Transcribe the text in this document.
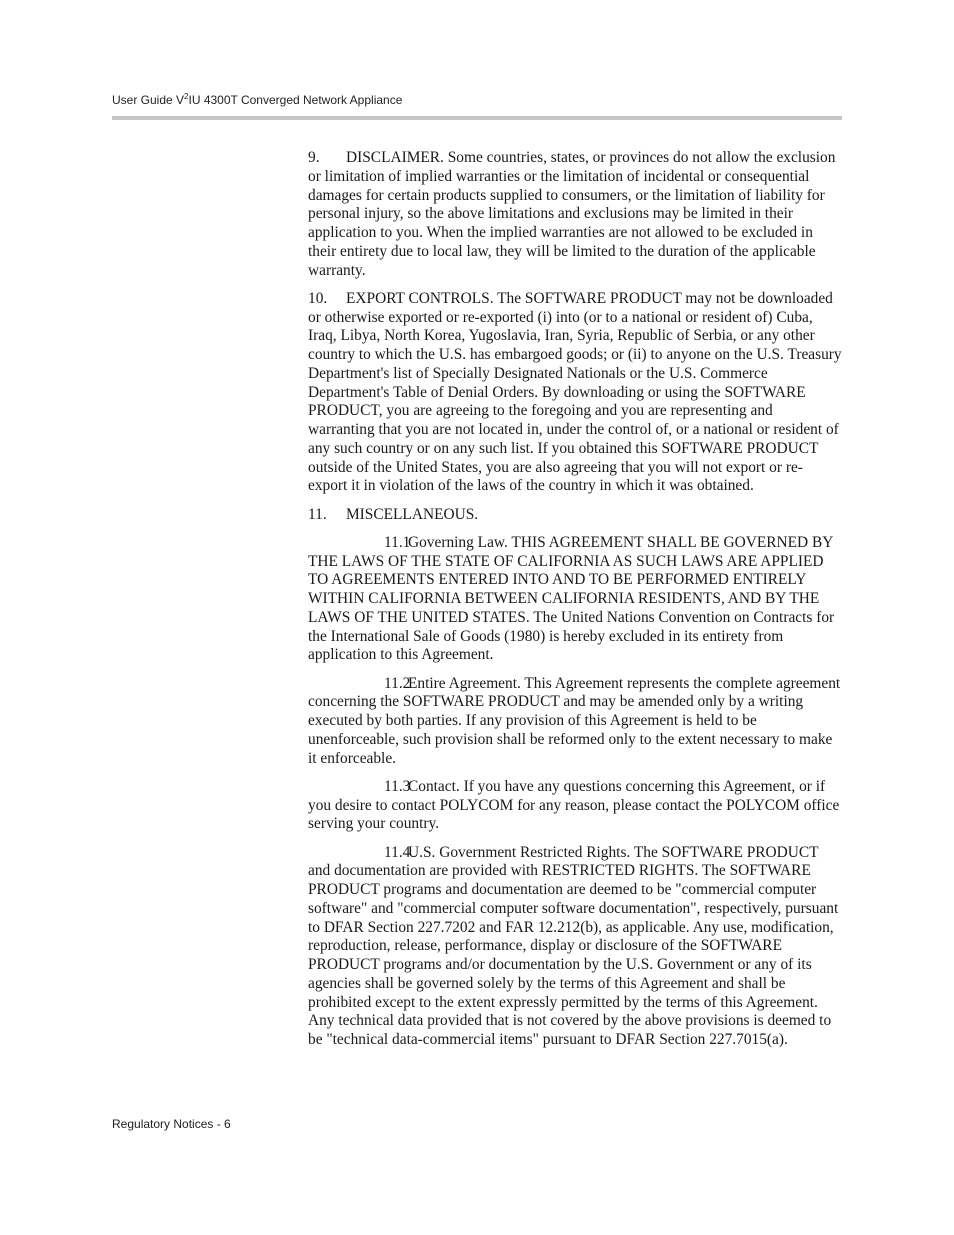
User Guide $V^2IU$ 4300T Converged Network Appliance

9. DISCLAIMER. Some countries, states, or provinces do not allow the exclusion or limitation of implied warranties or the limitation of incidental or consequential damages for certain products supplied to consumers, or the limitation of liability for personal injury, so the above limitations and exclusions may be limited in their application to you. When the implied warranties are not allowed to be excluded in their entirety due to local law, they will be limited to the duration of the applicable warranty.

10. EXPORT CONTROLS. The SOFTWARE PRODUCT may not be downloaded or otherwise exported or re-exported (i) into (or to a national or resident of) Cuba, Iraq, Libya, North Korea, Yugoslavia, Iran, Syria, Republic of Serbia, or any other country to which the U.S. has embargoed goods; or (ii) to anyone on the U.S. Treasury Department's list of Specially Designated Nationals or the U.S. Commerce Department's Table of Denial Orders. By downloading or using the SOFTWARE PRODUCT, you are agreeing to the foregoing and you are representing and warranting that you are not located in, under the control of, or a national or resident of any such country or on any such list. If you obtained this SOFTWARE PRODUCT outside of the United States, you are also agreeing that you will not export or re-export it in violation of the laws of the country in which it was obtained.

11. MISCELLANEOUS.

11.1Governing Law. THIS AGREEMENT SHALL BE GOVERNED BY THE LAWS OF THE STATE OF CALIFORNIA AS SUCH LAWS ARE APPLIED TO AGREEMENTS ENTERED INTO AND TO BE PERFORMED ENTIRELY WITHIN CALIFORNIA BETWEEN CALIFORNIA RESIDENTS, AND BY THE LAWS OF THE UNITED STATES. The United Nations Convention on Contracts for the International Sale of Goods (1980) is hereby excluded in its entirety from application to this Agreement.

11.2Entire Agreement. This Agreement represents the complete agreement concerning the SOFTWARE PRODUCT and may be amended only by a writing executed by both parties. If any provision of this Agreement is held to be unenforceable, such provision shall be reformed only to the extent necessary to make it enforceable.

11.3Contact. If you have any questions concerning this Agreement, or if you desire to contact POLYCOM for any reason, please contact the POLYCOM office serving your country.

11.4U.S. Government Restricted Rights. The SOFTWARE PRODUCT and documentation are provided with RESTRICTED RIGHTS. The SOFTWARE PRODUCT programs and documentation are deemed to be "commercial computer software" and "commercial computer software documentation", respectively, pursuant to DFAR Section 227.7202 and FAR 12.212(b), as applicable. Any use, modification, reproduction, release, performance, display or disclosure of the SOFTWARE PRODUCT programs and/or documentation by the U.S. Government or any of its agencies shall be governed solely by the terms of this Agreement and shall be prohibited except to the extent expressly permitted by the terms of this Agreement. Any technical data provided that is not covered by the above provisions is deemed to be "technical data-commercial items" pursuant to DFAR Section 227.7015(a).

Regulatory Notices - 6
